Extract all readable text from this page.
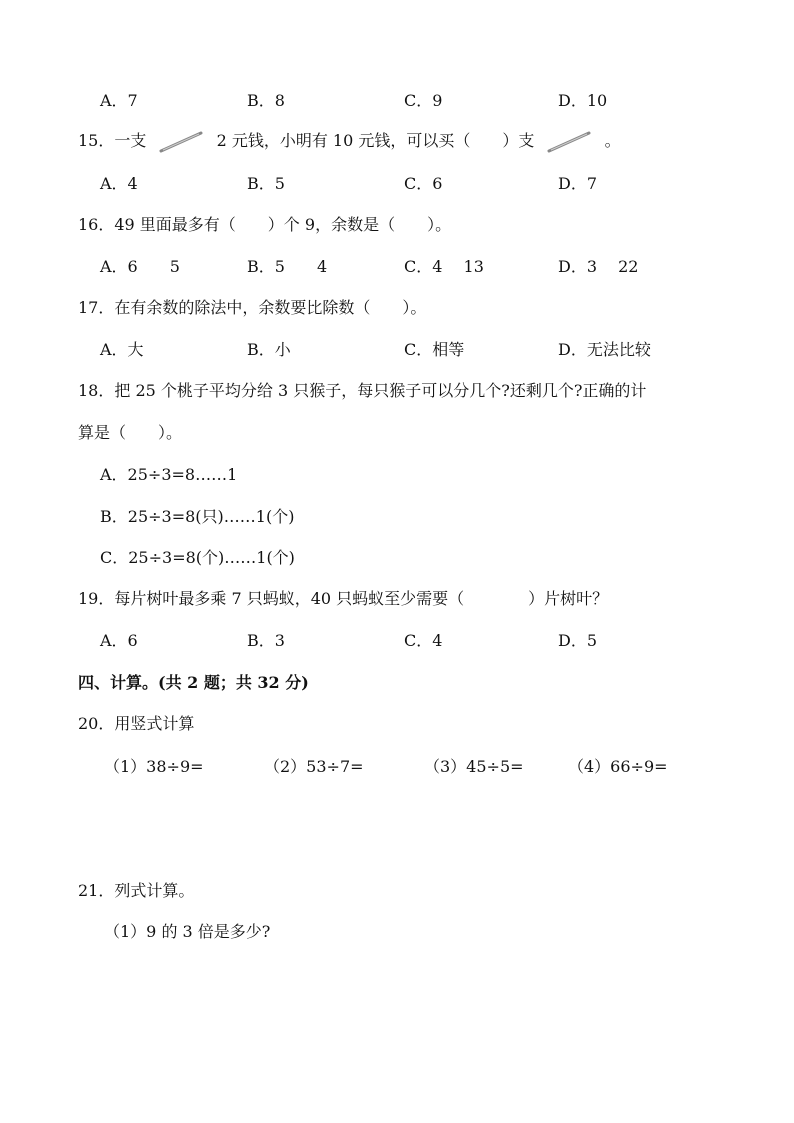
A．7	B．8	C．9	D．10
15．一支	2 元钱，小明有 10 元钱，可以买（　　）支	。
A．4	B．5	C．6	D．7
16．49 里面最多有（　　）个 9，余数是（　　）。
A．6　　5	B．5　　4	C．4　 13	D．3　 22
17．在有余数的除法中，余数要比除数（　　）。
A．大	B．小	C．相等	D．无法比较
18．把 25 个桃子平均分给 3 只猴子，每只猴子可以分几个?还剩几个?正确的计
算是（　　）。
A．25÷3=8……1
B．25÷3=8(只)……1(个)
C．25÷3=8(个)……1(个)
19．每片树叶最多乘 7 只蚂蚁，40 只蚂蚁至少需要（　　　　）片树叶？
A．6	B．3	C．4	D．5
四、计算。(共 2 题；共 32 分)
20．用竖式计算
（1）38÷9=	（2）53÷7=	（3）45÷5=	（4）66÷9=
21．列式计算。
（1）9 的 3 倍是多少?
